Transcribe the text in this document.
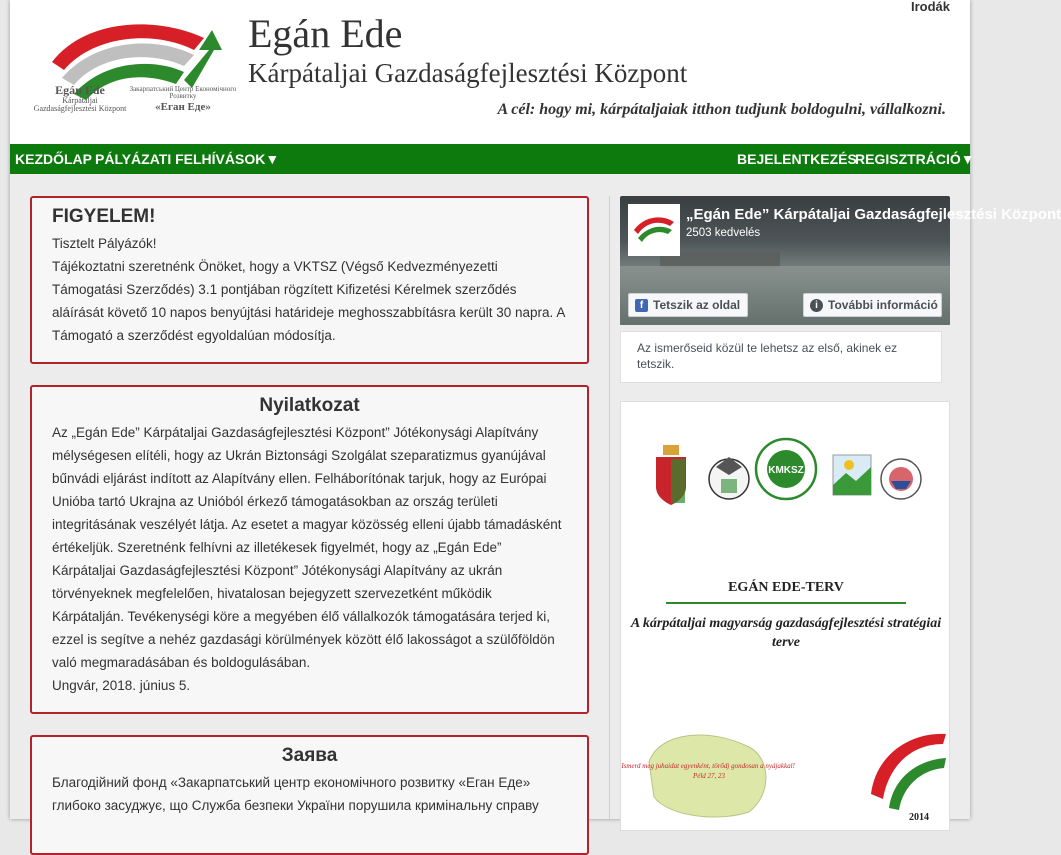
Egán Ede
Kárpátaljai Gazdaságfejlesztési Központ
Закарпатський Центр Економічного Розвитку
«Еган Еде»
Egán Ede
Kárpátaljai Gazdaságfejlesztési Központ
A cél: hogy mi, kárpátaljaiak itthon tudjunk boldogulni, vállalkozni.
Irodák
KEZDŐLAP PÁLYÁZATI FELHÍVÁSOK▼	BEJELENTKEZÉS
REGISZTRÁCIÓ▼
FIGYELEM!

Tisztelt Pályázók!

Tájékoztatni szeretnénk Önöket, hogy a VKTSZ (Végső Kedvezményezetti Támogatási Szerződés) 3.1 pontjában rögzített Kifizetési Kérelmek szerződés aláírását követő 10 napos benyújtási határideje meghosszabbításra került 30 napra. A Támogató a szerződést egyoldalúan módosítja.

Nyilatkozat

Az „Egán Ede” Kárpátaljai Gazdaságfejlesztési Központ” Jótékonysági Alapítvány mélységesen elítéli, hogy az Ukrán Biztonsági Szolgálat szeparatizmus gyanújával bűnvádi eljárást indított az Alapítvány ellen. Felháborítónak tarjuk, hogy az Európai Unióba tartó Ukrajna az Unióból érkező támogatásokban az ország területi integritásának veszélyét látja. Az esetet a magyar közösség elleni újabb támadásként értékeljük. Szeretnénk felhívni az illetékesek figyelmét, hogy az „Egán Ede” Kárpátaljai Gazdaságfejlesztési Központ” Jótékonysági Alapítvány az ukrán törvényeknek megfelelően, hivatalosan bejegyzett szervezetként működik Kárpátalján. Tevékenységi köre a megyében élő vállalkozók támogatására terjed ki, ezzel is segítve a nehéz gazdasági körülmények között élő lakosságot a szülőföldön való megmaradásában és boldogulásában.

Ungvár, 2018. június 5.

Заява

Благодійний фонд «Закарпатський центр економічного розвитку «Еган Еде» глибоко засуджує, що Служба безпеки України порушила кримінальну справу

„Egán Ede” Kárpátaljai Gazdaságfejlesztési Központ
2503 kedvelés
f Tetszik az oldal	i További információ
Az ismerőseid közül te lehetsz az első, akinek ez tetszik.
KMKSZ
EGÁN EDE-TERV
A kárpátaljai magyarság gazdaságfejlesztési stratégiai terve
Ismerd meg juhaidat egyenként, törődj gondosan a nyájakkal! Péld 27, 23
2014
